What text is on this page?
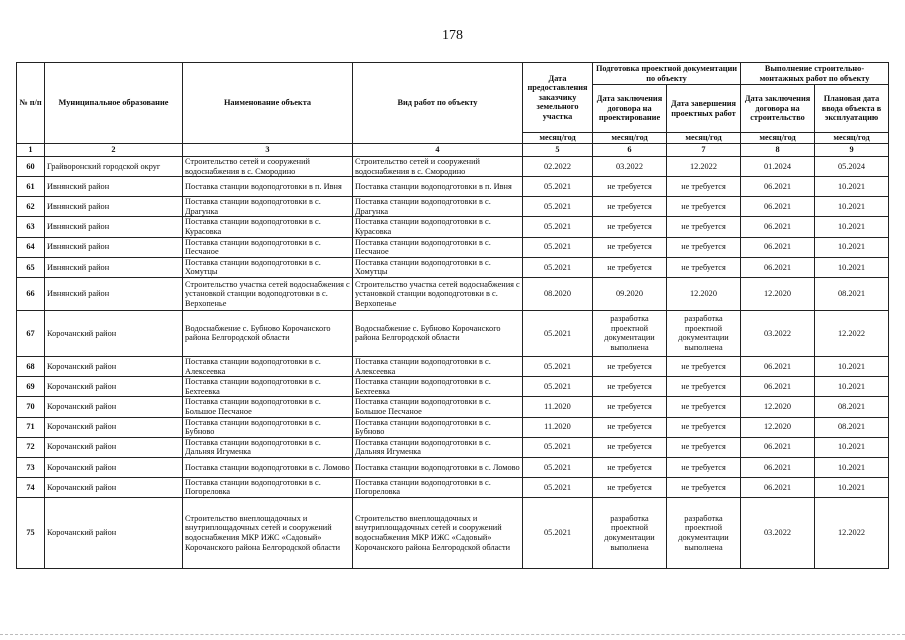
178
№ п/п	Муниципальное образование	Наименование объекта	Вид работ по объекту	Дата предоставления заказчику земельного участка	Подготовка проектной документации по объекту		Выполнение строительно-монтажных работ по объекту	
					Дата заключения договора на проектирование	Дата завершения проектных работ	Дата заключения договора на строительство	Плановая дата ввода объекта в эксплуатацию
				месяц/год	месяц/год	месяц/год	месяц/год	месяц/год
1	2	3	4	5	6	7	8	9
60	Грайворонский городской округ	Строительство сетей и сооружений водоснабжения в с. Смородино	Строительство сетей и сооружений водоснабжения в с. Смородино	02.2022	03.2022	12.2022	01.2024	05.2024
61	Ивнянский район	Поставка станции водоподготовки в п. Ивня	Поставка станции водоподготовки в п. Ивня	05.2021	не требуется	не требуется	06.2021	10.2021
62	Ивнянский район	Поставка станции водоподготовки в с. Драгунка	Поставка станции водоподготовки в с. Драгунка	05.2021	не требуется	не требуется	06.2021	10.2021
63	Ивнянский район	Поставка станции водоподготовки в с. Курасовка	Поставка станции водоподготовки в с. Курасовка	05.2021	не требуется	не требуется	06.2021	10.2021
64	Ивнянский район	Поставка станции водоподготовки в с. Песчаное	Поставка станции водоподготовки в с. Песчаное	05.2021	не требуется	не требуется	06.2021	10.2021
65	Ивнянский район	Поставка станции водоподготовки в с. Хомутцы	Поставка станции водоподготовки в с. Хомутцы	05.2021	не требуется	не требуется	06.2021	10.2021
66	Ивнянский район	Строительство участка сетей водоснабжения с установкой станции водоподготовки в с. Верхопенье	Строительство участка сетей водоснабжения с установкой станции водоподготовки в с. Верхопенье	08.2020	09.2020	12.2020	12.2020	08.2021
67	Корочанский район	Водоснабжение с. Бубново Корочанского района Белгородской области	Водоснабжение с. Бубново Корочанского района Белгородской области	05.2021	разработка проектной документации выполнена	разработка проектной документации выполнена	03.2022	12.2022
68	Корочанский район	Поставка станции водоподготовки в с. Алексеевка	Поставка станции водоподготовки в с. Алексеевка	05.2021	не требуется	не требуется	06.2021	10.2021
69	Корочанский район	Поставка станции водоподготовки в с. Бехтеевка	Поставка станции водоподготовки в с. Бехтеевка	05.2021	не требуется	не требуется	06.2021	10.2021
70	Корочанский район	Поставка станции водоподготовки в с. Большое Песчаное	Поставка станции водоподготовки в с. Большое Песчаное	11.2020	не требуется	не требуется	12.2020	08.2021
71	Корочанский район	Поставка станции водоподготовки в с. Бубново	Поставка станции водоподготовки в с. Бубново	11.2020	не требуется	не требуется	12.2020	08.2021
72	Корочанский район	Поставка станции водоподготовки в с. Дальняя Игуменка	Поставка станции водоподготовки в с. Дальняя Игуменка	05.2021	не требуется	не требуется	06.2021	10.2021
73	Корочанский район	Поставка станции водоподготовки в с. Ломово	Поставка станции водоподготовки в с. Ломово	05.2021	не требуется	не требуется	06.2021	10.2021
74	Корочанский район	Поставка станции водоподготовки в с. Погореловка	Поставка станции водоподготовки в с. Погореловка	05.2021	не требуется	не требуется	06.2021	10.2021
75	Корочанский район	Строительство внеплощадочных и внутриплощадочных сетей и сооружений водоснабжения МКР ИЖС «Садовый» Корочанского района Белгородской области	Строительство внеплощадочных и внутриплощадочных сетей и сооружений водоснабжения МКР ИЖС «Садовый» Корочанского района Белгородской области	05.2021	разработка проектной документации выполнена	разработка проектной документации выполнена	03.2022	12.2022
